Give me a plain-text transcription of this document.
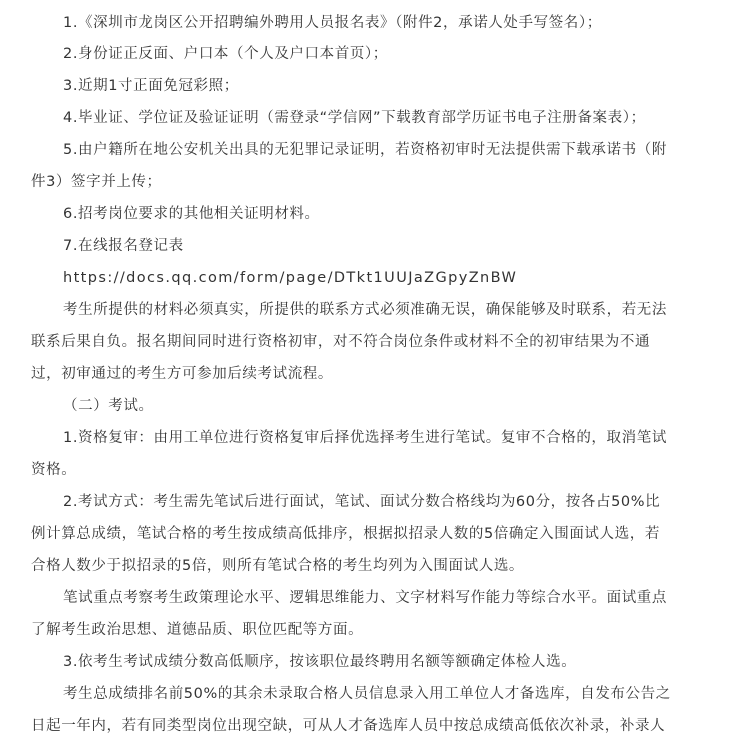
1.《深圳市龙岗区公开招聘编外聘用人员报名表》（附件2，承诺人处手写签名）；
2.身份证正反面、户口本（个人及户口本首页）；
3.近期1寸正面免冠彩照；
4.毕业证、学位证及验证证明（需登录“学信网”下载教育部学历证书电子注册备案表）；
5.由户籍所在地公安机关出具的无犯罪记录证明，若资格初审时无法提供需下载承诺书（附
件3）签字并上传；
6.招考岗位要求的其他相关证明材料。
7.在线报名登记表
https://docs.qq.com/form/page/DTkt1UUJaZGpyZnBW
考生所提供的材料必须真实，所提供的联系方式必须准确无误，确保能够及时联系，若无法
联系后果自负。报名期间同时进行资格初审，对不符合岗位条件或材料不全的初审结果为不通
过，初审通过的考生方可参加后续考试流程。
（二）考试。
1.资格复审：由用工单位进行资格复审后择优选择考生进行笔试。复审不合格的，取消笔试
资格。
2.考试方式：考生需先笔试后进行面试，笔试、面试分数合格线均为60分，按各占50%比
例计算总成绩，笔试合格的考生按成绩高低排序，根据拟招录人数的5倍确定入围面试人选，若
合格人数少于拟招录的5倍，则所有笔试合格的考生均列为入围面试人选。
笔试重点考察考生政策理论水平、逻辑思维能力、文字材料写作能力等综合水平。面试重点
了解考生政治思想、道德品质、职位匹配等方面。
3.依考生考试成绩分数高低顺序，按该职位最终聘用名额等额确定体检人选。
考生总成绩排名前50%的其余未录取合格人员信息录入用工单位人才备选库，自发布公告之
日起一年内，若有同类型岗位出现空缺，可从人才备选库人员中按总成绩高低依次补录，补录人
